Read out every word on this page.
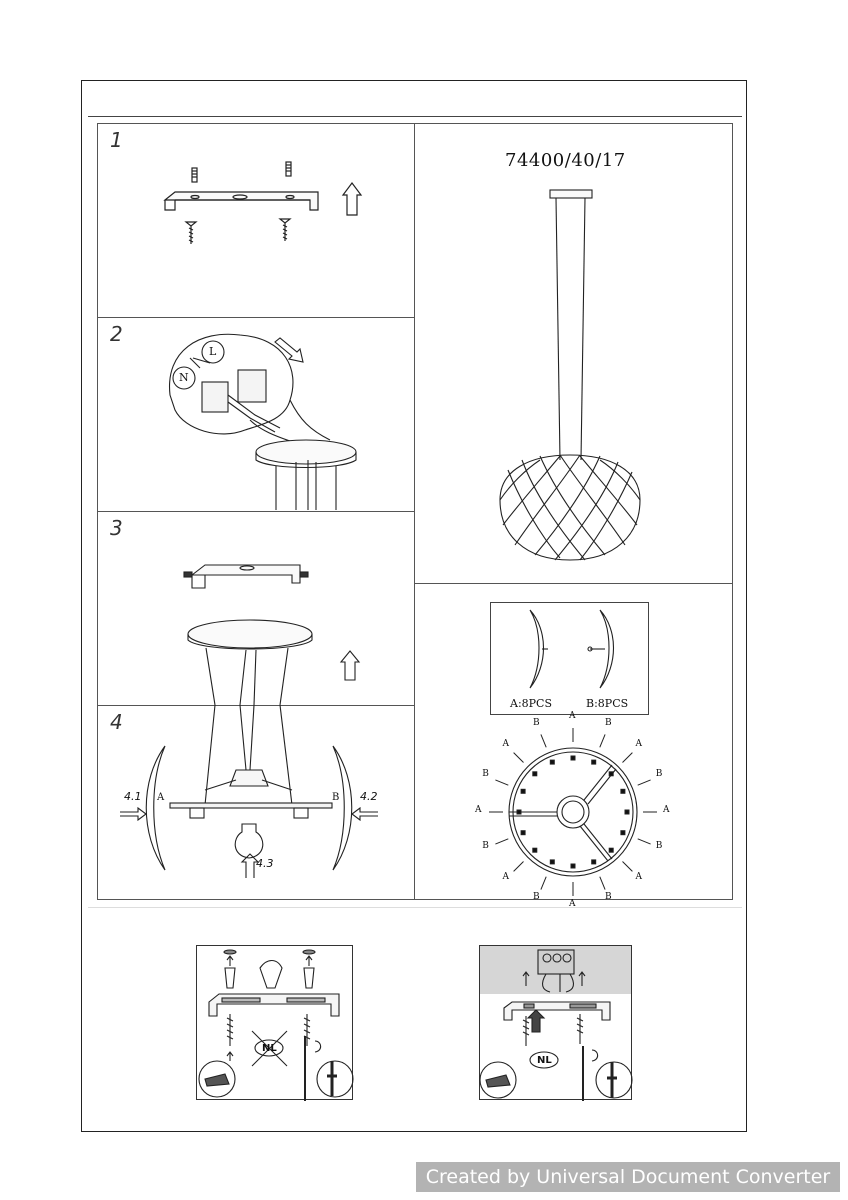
1
2
3
4
N
L
4.1	4.2
4.3
A	B
74400/40/17
A:8PCS	B:8PCS
A
B
A
B
A
B
A
B
A
B
A
B
A
B
A
B
NL
NL
Created by Universal Document Converter
